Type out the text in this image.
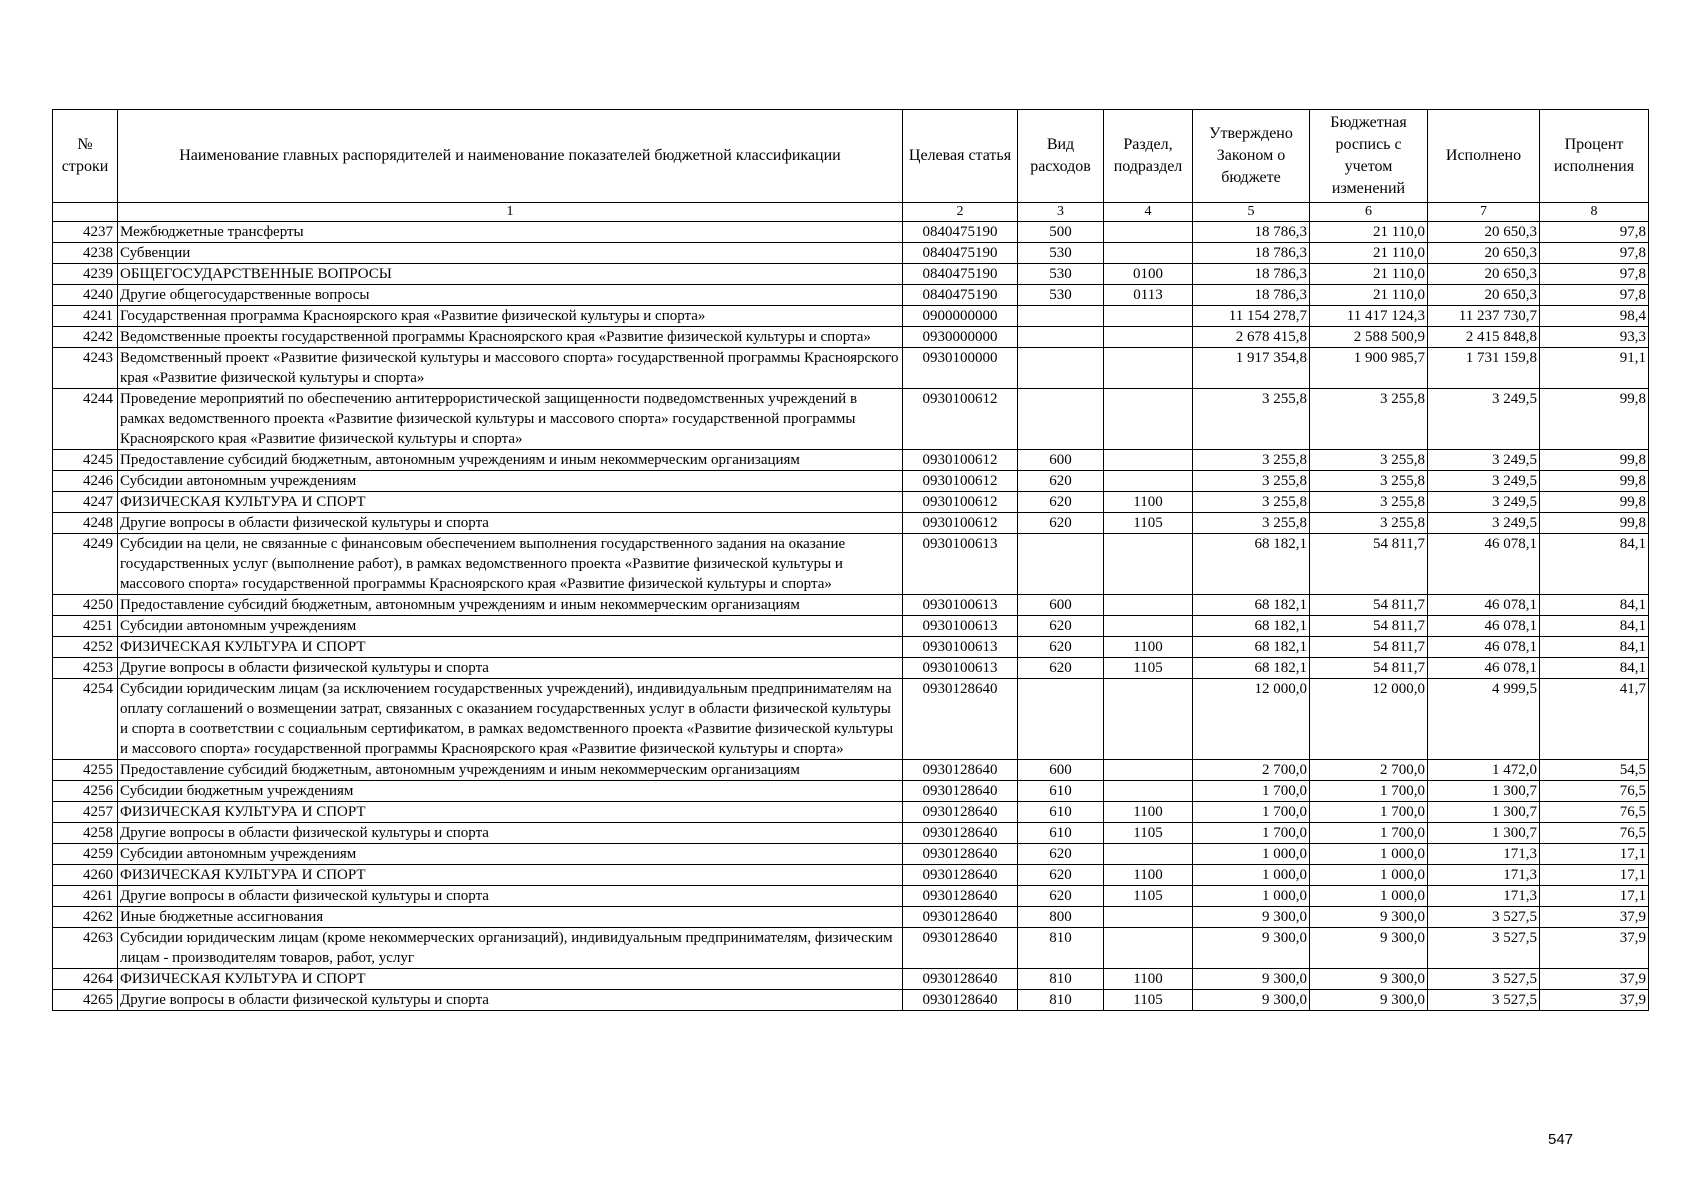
№ строки	Наименование главных распорядителей и наименование показателей бюджетной классификации	Целевая статья	Вид расходов	Раздел, подраздел	Утверждено Законом о бюджете	Бюджетная роспись с учетом изменений	Исполнено	Процент исполнения
	1	2	3	4	5	6	7	8
4237	Межбюджетные трансферты	0840475190	500		18 786,3	21 110,0	20 650,3	97,8
4238	Субвенции	0840475190	530		18 786,3	21 110,0	20 650,3	97,8
4239	ОБЩЕГОСУДАРСТВЕННЫЕ ВОПРОСЫ	0840475190	530	0100	18 786,3	21 110,0	20 650,3	97,8
4240	Другие общегосударственные вопросы	0840475190	530	0113	18 786,3	21 110,0	20 650,3	97,8
4241	Государственная программа Красноярского края «Развитие физической культуры и спорта»	0900000000			11 154 278,7	11 417 124,3	11 237 730,7	98,4
4242	Ведомственные проекты государственной программы Красноярского края «Развитие физической культуры и спорта»	0930000000			2 678 415,8	2 588 500,9	2 415 848,8	93,3
4243	Ведомственный проект «Развитие физической культуры и массового спорта» государственной программы Красноярского края «Развитие физической культуры и спорта»	0930100000			1 917 354,8	1 900 985,7	1 731 159,8	91,1
4244	Проведение мероприятий по обеспечению антитеррористической защищенности подведомственных учреждений в рамках ведомственного проекта «Развитие физической культуры и массового спорта» государственной программы Красноярского края «Развитие физической культуры и спорта»	0930100612			3 255,8	3 255,8	3 249,5	99,8
4245	Предоставление субсидий бюджетным, автономным учреждениям и иным некоммерческим организациям	0930100612	600		3 255,8	3 255,8	3 249,5	99,8
4246	Субсидии автономным учреждениям	0930100612	620		3 255,8	3 255,8	3 249,5	99,8
4247	ФИЗИЧЕСКАЯ КУЛЬТУРА И СПОРТ	0930100612	620	1100	3 255,8	3 255,8	3 249,5	99,8
4248	Другие вопросы в области физической культуры и спорта	0930100612	620	1105	3 255,8	3 255,8	3 249,5	99,8
4249	Субсидии на цели, не связанные с финансовым обеспечением выполнения государственного задания на оказание государственных услуг (выполнение работ), в рамках ведомственного проекта «Развитие физической культуры и массового спорта» государственной программы Красноярского края «Развитие физической культуры и спорта»	0930100613			68 182,1	54 811,7	46 078,1	84,1
4250	Предоставление субсидий бюджетным, автономным учреждениям и иным некоммерческим организациям	0930100613	600		68 182,1	54 811,7	46 078,1	84,1
4251	Субсидии автономным учреждениям	0930100613	620		68 182,1	54 811,7	46 078,1	84,1
4252	ФИЗИЧЕСКАЯ КУЛЬТУРА И СПОРТ	0930100613	620	1100	68 182,1	54 811,7	46 078,1	84,1
4253	Другие вопросы в области физической культуры и спорта	0930100613	620	1105	68 182,1	54 811,7	46 078,1	84,1
4254	Субсидии юридическим лицам (за исключением государственных учреждений), индивидуальным предпринимателям на оплату соглашений о возмещении затрат, связанных с оказанием государственных услуг в области физической культуры и спорта в соответствии с социальным сертификатом, в рамках ведомственного проекта «Развитие физической культуры и массового спорта» государственной программы Красноярского края «Развитие физической культуры и спорта»	0930128640			12 000,0	12 000,0	4 999,5	41,7
4255	Предоставление субсидий бюджетным, автономным учреждениям и иным некоммерческим организациям	0930128640	600		2 700,0	2 700,0	1 472,0	54,5
4256	Субсидии бюджетным учреждениям	0930128640	610		1 700,0	1 700,0	1 300,7	76,5
4257	ФИЗИЧЕСКАЯ КУЛЬТУРА И СПОРТ	0930128640	610	1100	1 700,0	1 700,0	1 300,7	76,5
4258	Другие вопросы в области физической культуры и спорта	0930128640	610	1105	1 700,0	1 700,0	1 300,7	76,5
4259	Субсидии автономным учреждениям	0930128640	620		1 000,0	1 000,0	171,3	17,1
4260	ФИЗИЧЕСКАЯ КУЛЬТУРА И СПОРТ	0930128640	620	1100	1 000,0	1 000,0	171,3	17,1
4261	Другие вопросы в области физической культуры и спорта	0930128640	620	1105	1 000,0	1 000,0	171,3	17,1
4262	Иные бюджетные ассигнования	0930128640	800		9 300,0	9 300,0	3 527,5	37,9
4263	Субсидии юридическим лицам (кроме некоммерческих организаций), индивидуальным предпринимателям, физическим лицам - производителям товаров, работ, услуг	0930128640	810		9 300,0	9 300,0	3 527,5	37,9
4264	ФИЗИЧЕСКАЯ КУЛЬТУРА И СПОРТ	0930128640	810	1100	9 300,0	9 300,0	3 527,5	37,9
4265	Другие вопросы в области физической культуры и спорта	0930128640	810	1105	9 300,0	9 300,0	3 527,5	37,9
547
